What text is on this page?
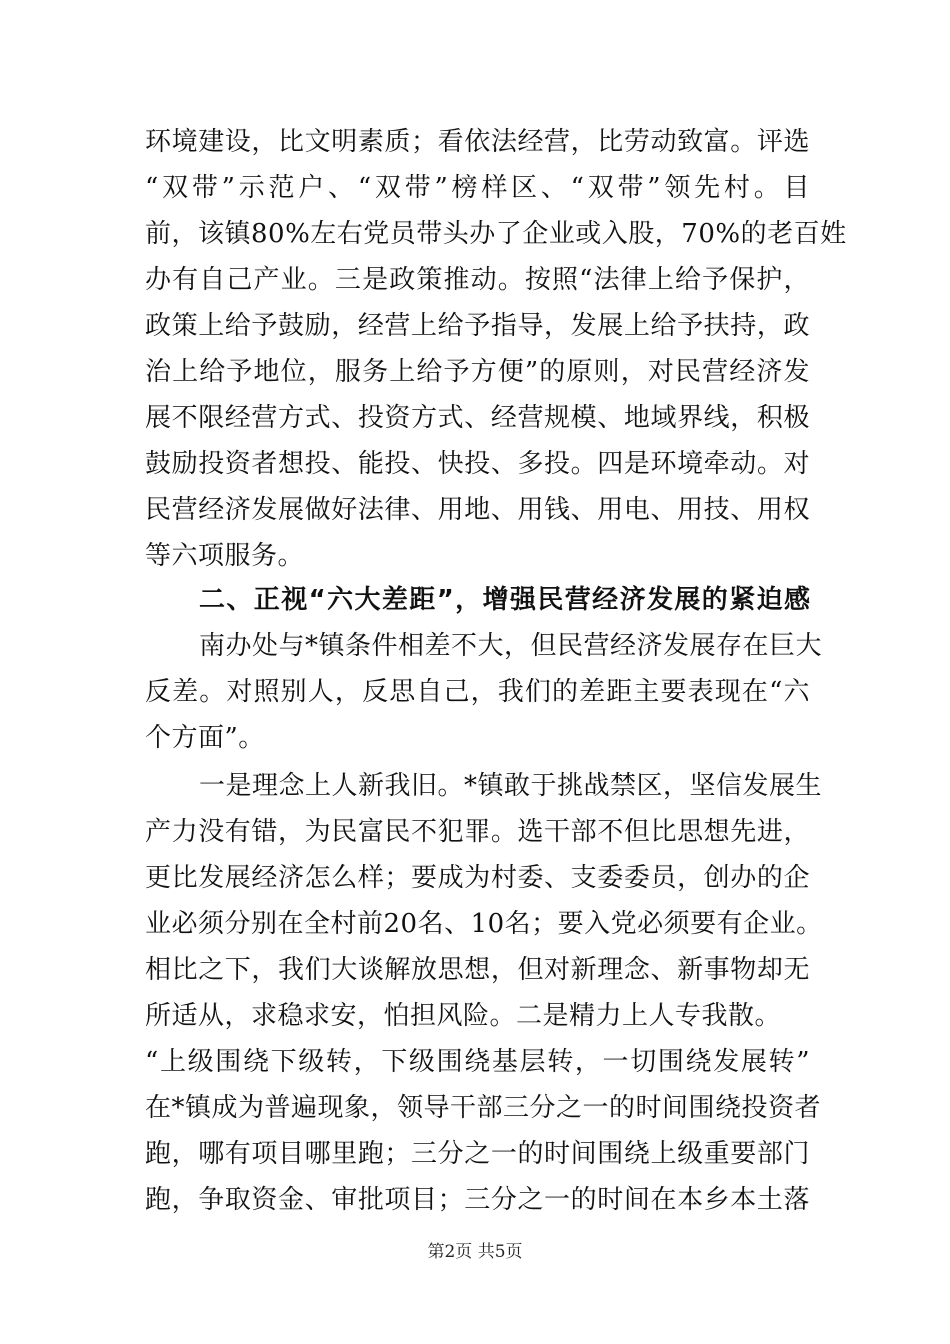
环境建设，比文明素质；看依法经营，比劳动致富。评选
“双带”示范户、“双带”榜样区、“双带”领先村。目
前，该镇80%左右党员带头办了企业或入股，70%的老百姓
办有自己产业。三是政策推动。按照“法律上给予保护，
政策上给予鼓励，经营上给予指导，发展上给予扶持，政
治上给予地位，服务上给予方便”的原则，对民营经济发
展不限经营方式、投资方式、经营规模、地域界线，积极
鼓励投资者想投、能投、快投、多投。四是环境牵动。对
民营经济发展做好法律、用地、用钱、用电、用技、用权
等六项服务。
二、正视“六大差距”，增强民营经济发展的紧迫感
南办处与*镇条件相差不大，但民营经济发展存在巨大
反差。对照别人，反思自己，我们的差距主要表现在“六
个方面”。
一是理念上人新我旧。*镇敢于挑战禁区，坚信发展生
产力没有错，为民富民不犯罪。选干部不但比思想先进，
更比发展经济怎么样；要成为村委、支委委员，创办的企
业必须分别在全村前20名、10名；要入党必须要有企业。
相比之下，我们大谈解放思想，但对新理念、新事物却无
所适从，求稳求安，怕担风险。二是精力上人专我散。
“上级围绕下级转，下级围绕基层转，一切围绕发展转”
在*镇成为普遍现象，领导干部三分之一的时间围绕投资者
跑，哪有项目哪里跑；三分之一的时间围绕上级重要部门
跑，争取资金、审批项目；三分之一的时间在本乡本土落
第2页 共5页
